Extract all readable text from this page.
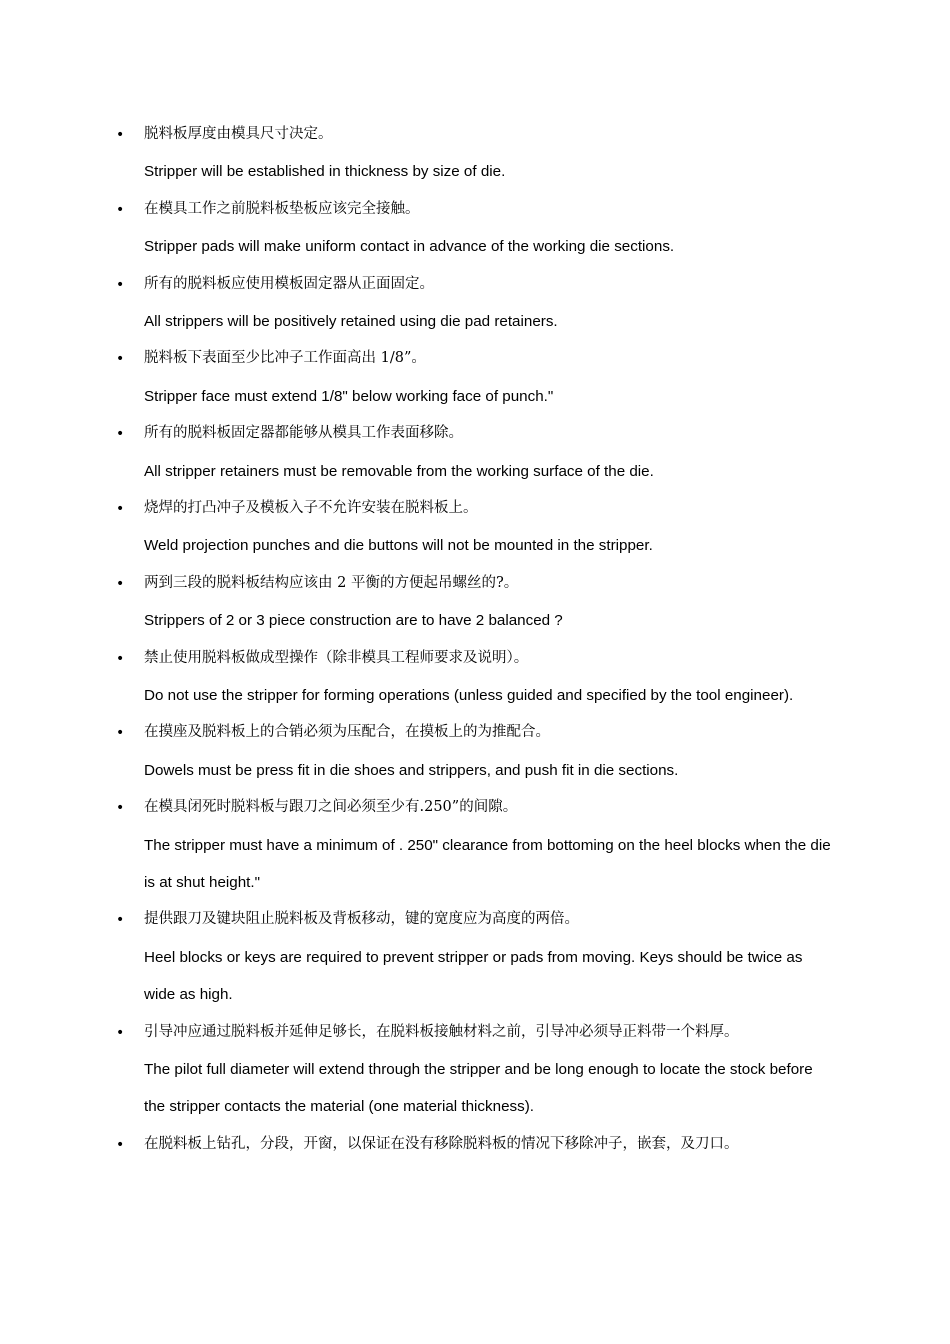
• 脱料板厚度由模具尺寸决定。
Stripper will be established in thickness by size of die.
• 在模具工作之前脱料板垫板应该完全接触。
Stripper pads will make uniform contact in advance of the working die sections.
• 所有的脱料板应使用模板固定器从正面固定。
All strippers will be positively retained using die pad retainers.
• 脱料板下表面至少比冲子工作面高出 1/8”。
Stripper face must extend 1/8" below working face of punch."
• 所有的脱料板固定器都能够从模具工作表面移除。
All stripper retainers must be removable from the working surface of the die.
• 烧焊的打凸冲子及模板入子不允许安装在脱料板上。
Weld projection punches and die buttons will not be mounted in the stripper.
• 两到三段的脱料板结构应该由 2 平衡的方便起吊螺丝的?。
Strippers of 2 or 3 piece construction are to have 2 balanced ?
• 禁止使用脱料板做成型操作（除非模具工程师要求及说明）。
Do not use the stripper for forming operations (unless guided and specified by the tool engineer).
• 在摸座及脱料板上的合销必须为压配合，在摸板上的为推配合。
Dowels must be press fit in die shoes and strippers, and push fit in die sections.
• 在模具闭死时脱料板与跟刀之间必须至少有.250”的间隙。
The stripper must have a minimum of . 250" clearance from bottoming on the heel blocks when the die is at shut height."
• 提供跟刀及键块阻止脱料板及背板移动，键的宽度应为高度的两倍。
Heel blocks or keys are required to prevent stripper or pads from moving. Keys should be twice as wide as high.
• 引导冲应通过脱料板并延伸足够长，在脱料板接触材料之前，引导冲必须导正料带一个料厚。
The pilot full diameter will extend through the stripper and be long enough to locate the stock before the stripper contacts the material (one material thickness).
• 在脱料板上钻孔，分段，开窗，以保证在没有移除脱料板的情况下移除冲子，嵌套，及刀口。
